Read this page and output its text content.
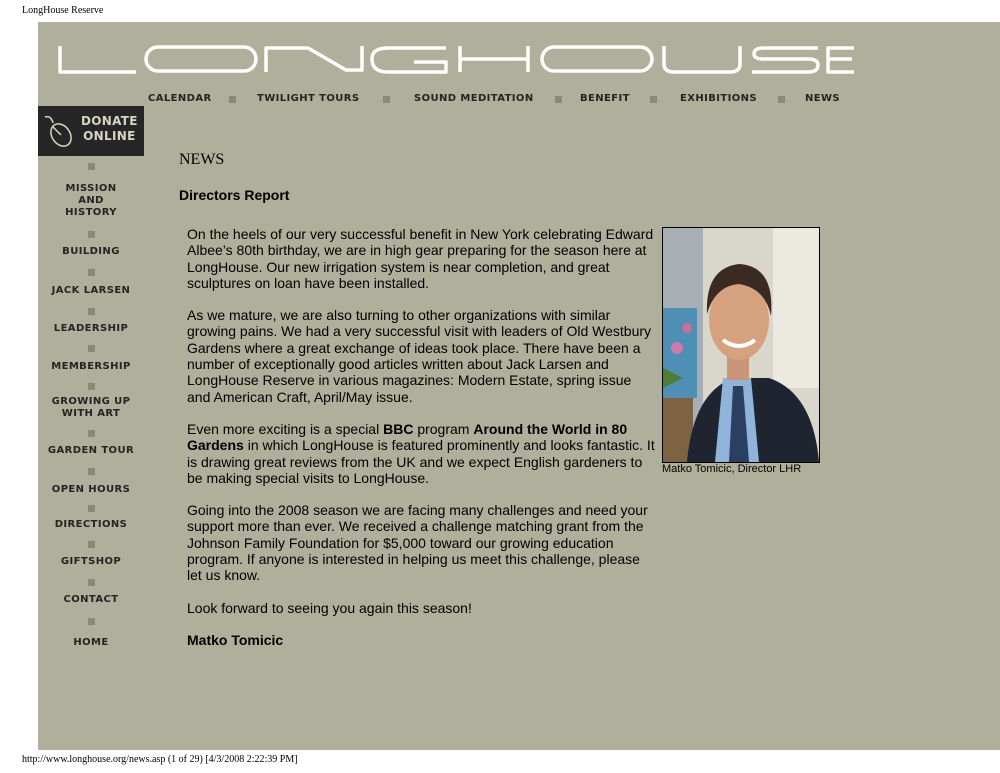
LongHouse Reserve
CALENDAR	TWILIGHT TOURS	SOUND MEDITATION	BENEFIT	EXHIBITIONS	NEWS
DONATE
ONLINE
MISSION
AND
HISTORY
BUILDING
JACK LARSEN
LEADERSHIP
MEMBERSHIP
GROWING UP
WITH ART
GARDEN TOUR
OPEN HOURS
DIRECTIONS
GIFTSHOP
CONTACT
HOME
NEWS
Directors Report

On the heels of our very successful benefit in New York celebrating Edward Albee’s 80th birthday, we are in high gear preparing for the season here at LongHouse. Our new irrigation system is near completion, and great sculptures on loan have been installed.

As we mature, we are also turning to other organizations with similar growing pains. We had a very successful visit with leaders of Old Westbury Gardens where a great exchange of ideas took place. There have been a number of exceptionally good articles written about Jack Larsen and LongHouse Reserve in various magazines: Modern Estate, spring issue and American Craft, April/May issue.

Even more exciting is a special BBC program Around the World in 80 Gardens in which LongHouse is featured prominently and looks fantastic. It is drawing great reviews from the UK and we expect English gardeners to be making special visits to LongHouse.

Going into the 2008 season we are facing many challenges and need your support more than ever. We received a challenge matching grant from the Johnson Family Foundation for $5,000 toward our growing education program. If anyone is interested in helping us meet this challenge, please let us know.

Look forward to seeing you again this season!

Matko Tomicic

Matko Tomicic, Director LHR
http://www.longhouse.org/news.asp (1 of 29) [4/3/2008 2:22:39 PM]
